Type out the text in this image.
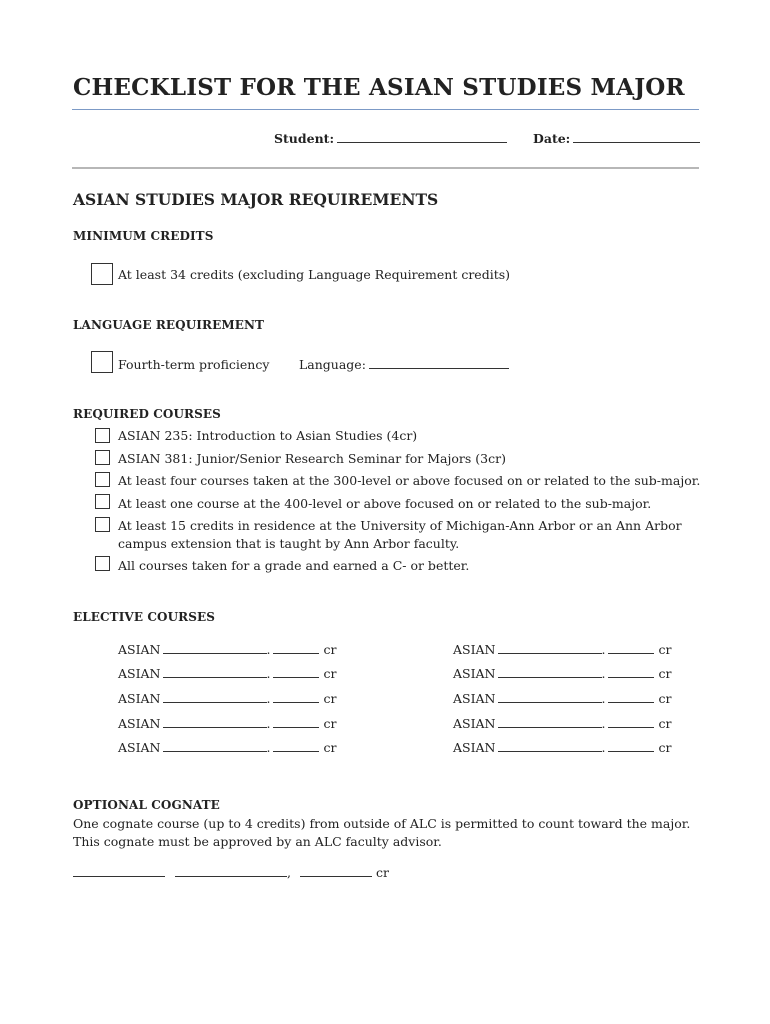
CHECKLIST FOR THE ASIAN STUDIES MAJOR
Student:	Date:
ASIAN STUDIES MAJOR REQUIREMENTS
MINIMUM CREDITS
At least 34 credits (excluding Language Requirement credits)
LANGUAGE REQUIREMENT
Fourth-term proficiency Language:
REQUIRED COURSES
ASIAN 235: Introduction to Asian Studies (4cr)
ASIAN 381: Junior/Senior Research Seminar for Majors (3cr)
At least four courses taken at the 300-level or above focused on or related to the sub-major.
At least one course at the 400-level or above focused on or related to the sub-major.
At least 15 credits in residence at the University of Michigan-Ann Arbor or an Ann Arbor campus extension that is taught by Ann Arbor faculty.
All courses taken for a grade and earned a C- or better.
ELECTIVE COURSES
ASIAN	.	cr	ASIAN	.	cr
ASIAN	.	cr	ASIAN	.	cr
ASIAN	.	cr	ASIAN	.	cr
ASIAN	.	cr	ASIAN	.	cr
ASIAN	.	cr	ASIAN	.	cr
OPTIONAL COGNATE
One cognate course (up to 4 credits) from outside of ALC is permitted to count toward the major. This cognate must be approved by an ALC faculty advisor.
,	cr
